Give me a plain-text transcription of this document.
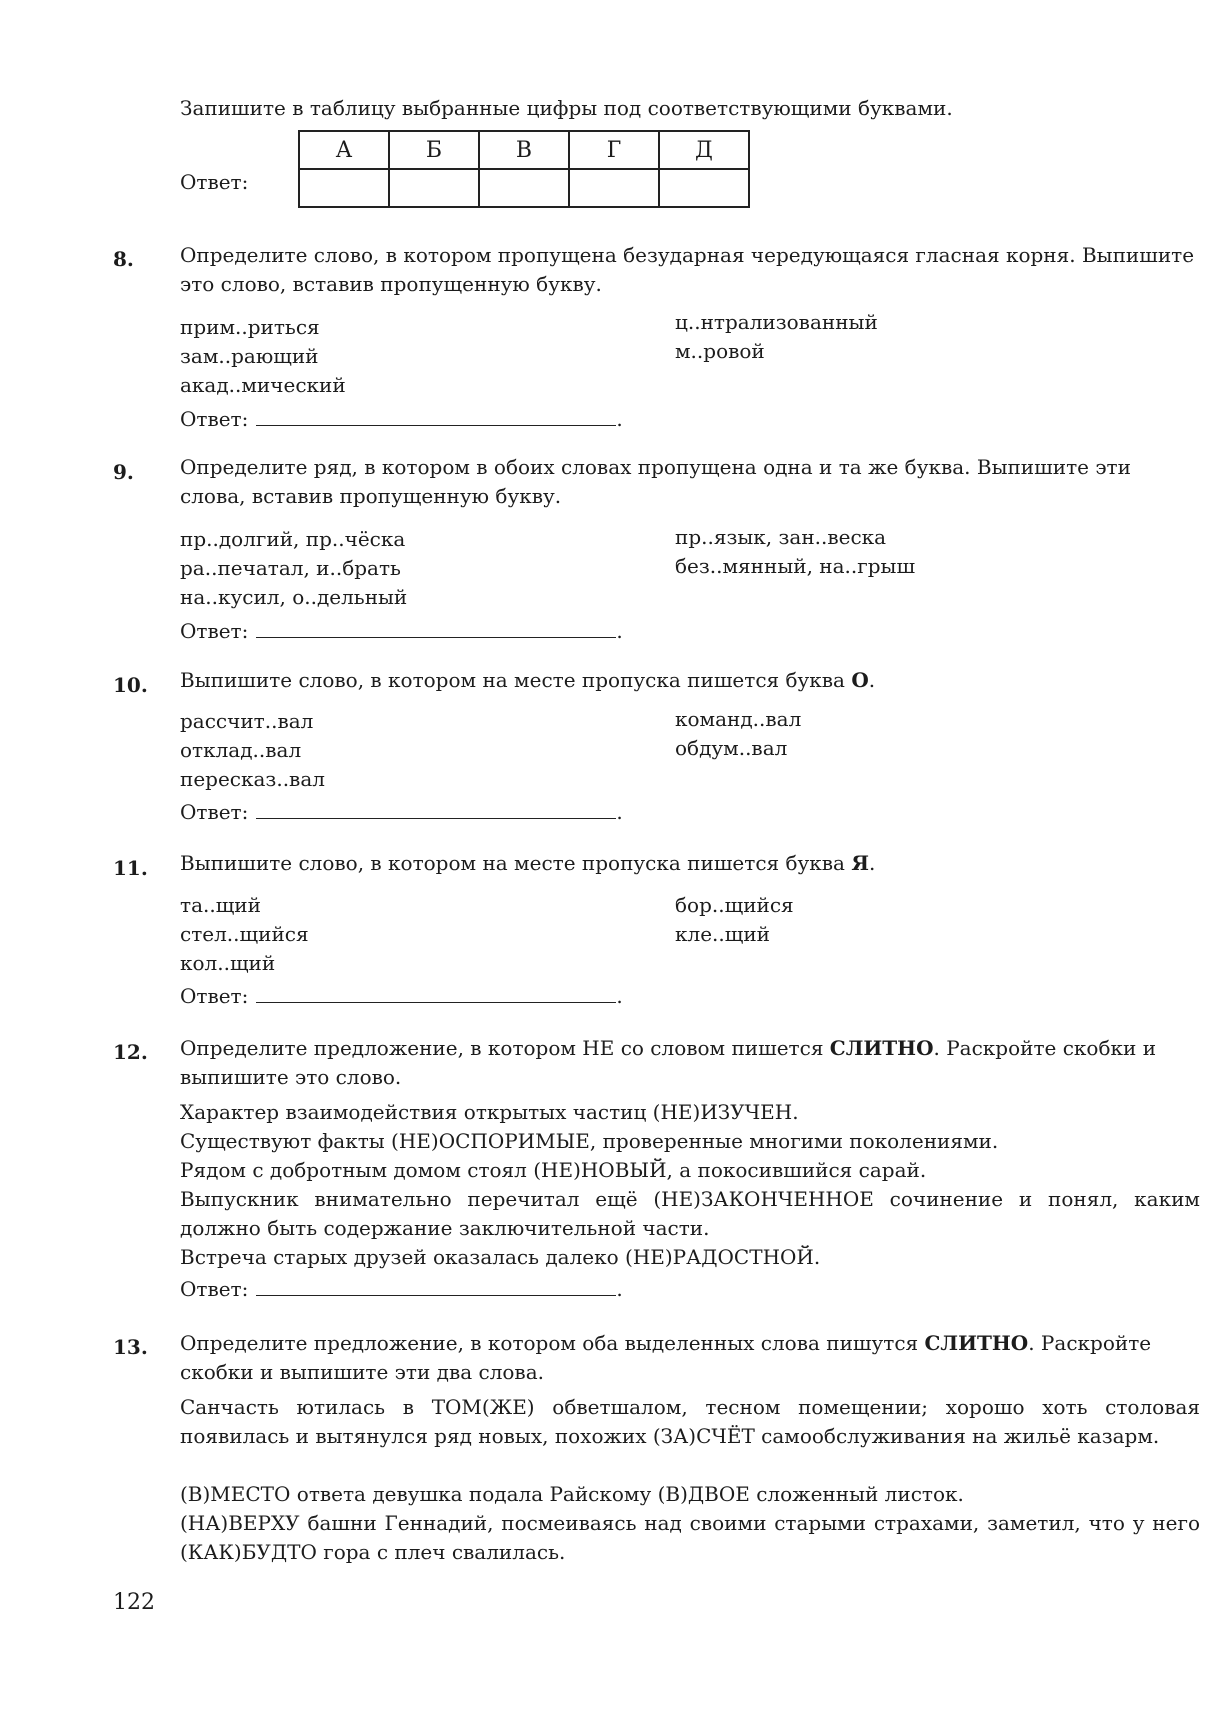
Запишите в таблицу выбранные цифры под соответствующими буквами.
Ответ:
А	Б	В	Г	Д

8. Определите слово, в котором пропущена безударная чередующаяся гласная корня. Выпишите это слово, вставив пропущенную букву.
прим..риться
зам..рающий
акад..мический
ц..нтрализованный
м..ровой
Ответ:	.
9. Определите ряд, в котором в обоих словах пропущена одна и та же буква. Выпишите эти слова, вставив пропущенную букву.
пр..долгий, пр..чёска
ра..печатал, и..брать
на..кусил, о..дельный
пр..язык, зан..веска
без..мянный, на..грыш
Ответ:	.
10. Выпишите слово, в котором на месте пропуска пишется буква О.
рассчит..вал
отклад..вал
пересказ..вал
команд..вал
обдум..вал
Ответ:	.
11. Выпишите слово, в котором на месте пропуска пишется буква Я.
та..щий
стел..щийся
кол..щий
бор..щийся
кле..щий
Ответ:	.
12. Определите предложение, в котором НЕ со словом пишется СЛИТНО. Раскройте скобки и выпишите это слово.
Характер взаимодействия открытых частиц (НЕ)ИЗУЧЕН.
Существуют факты (НЕ)ОСПОРИМЫЕ, проверенные многими поколениями.
Рядом с добротным домом стоял (НЕ)НОВЫЙ, а покосившийся сарай.
Выпускник внимательно перечитал ещё (НЕ)ЗАКОНЧЕННОЕ сочинение и понял, каким должно быть содержание заключительной части.
Встреча старых друзей оказалась далеко (НЕ)РАДОСТНОЙ.
Ответ:	.
13. Определите предложение, в котором оба выделенных слова пишутся СЛИТНО. Раскройте скобки и выпишите эти два слова.
Санчасть ютилась в ТОМ(ЖЕ) обветшалом, тесном помещении; хорошо хоть столовая появилась и вытянулся ряд новых, похожих (ЗА)СЧЁТ самообслуживания на жильё казарм.
(В)МЕСТО ответа девушка подала Райскому (В)ДВОЕ сложенный листок.
(НА)ВЕРХУ башни Геннадий, посмеиваясь над своими старыми страхами, заметил, что у него (КАК)БУДТО гора с плеч свалилась.
122
